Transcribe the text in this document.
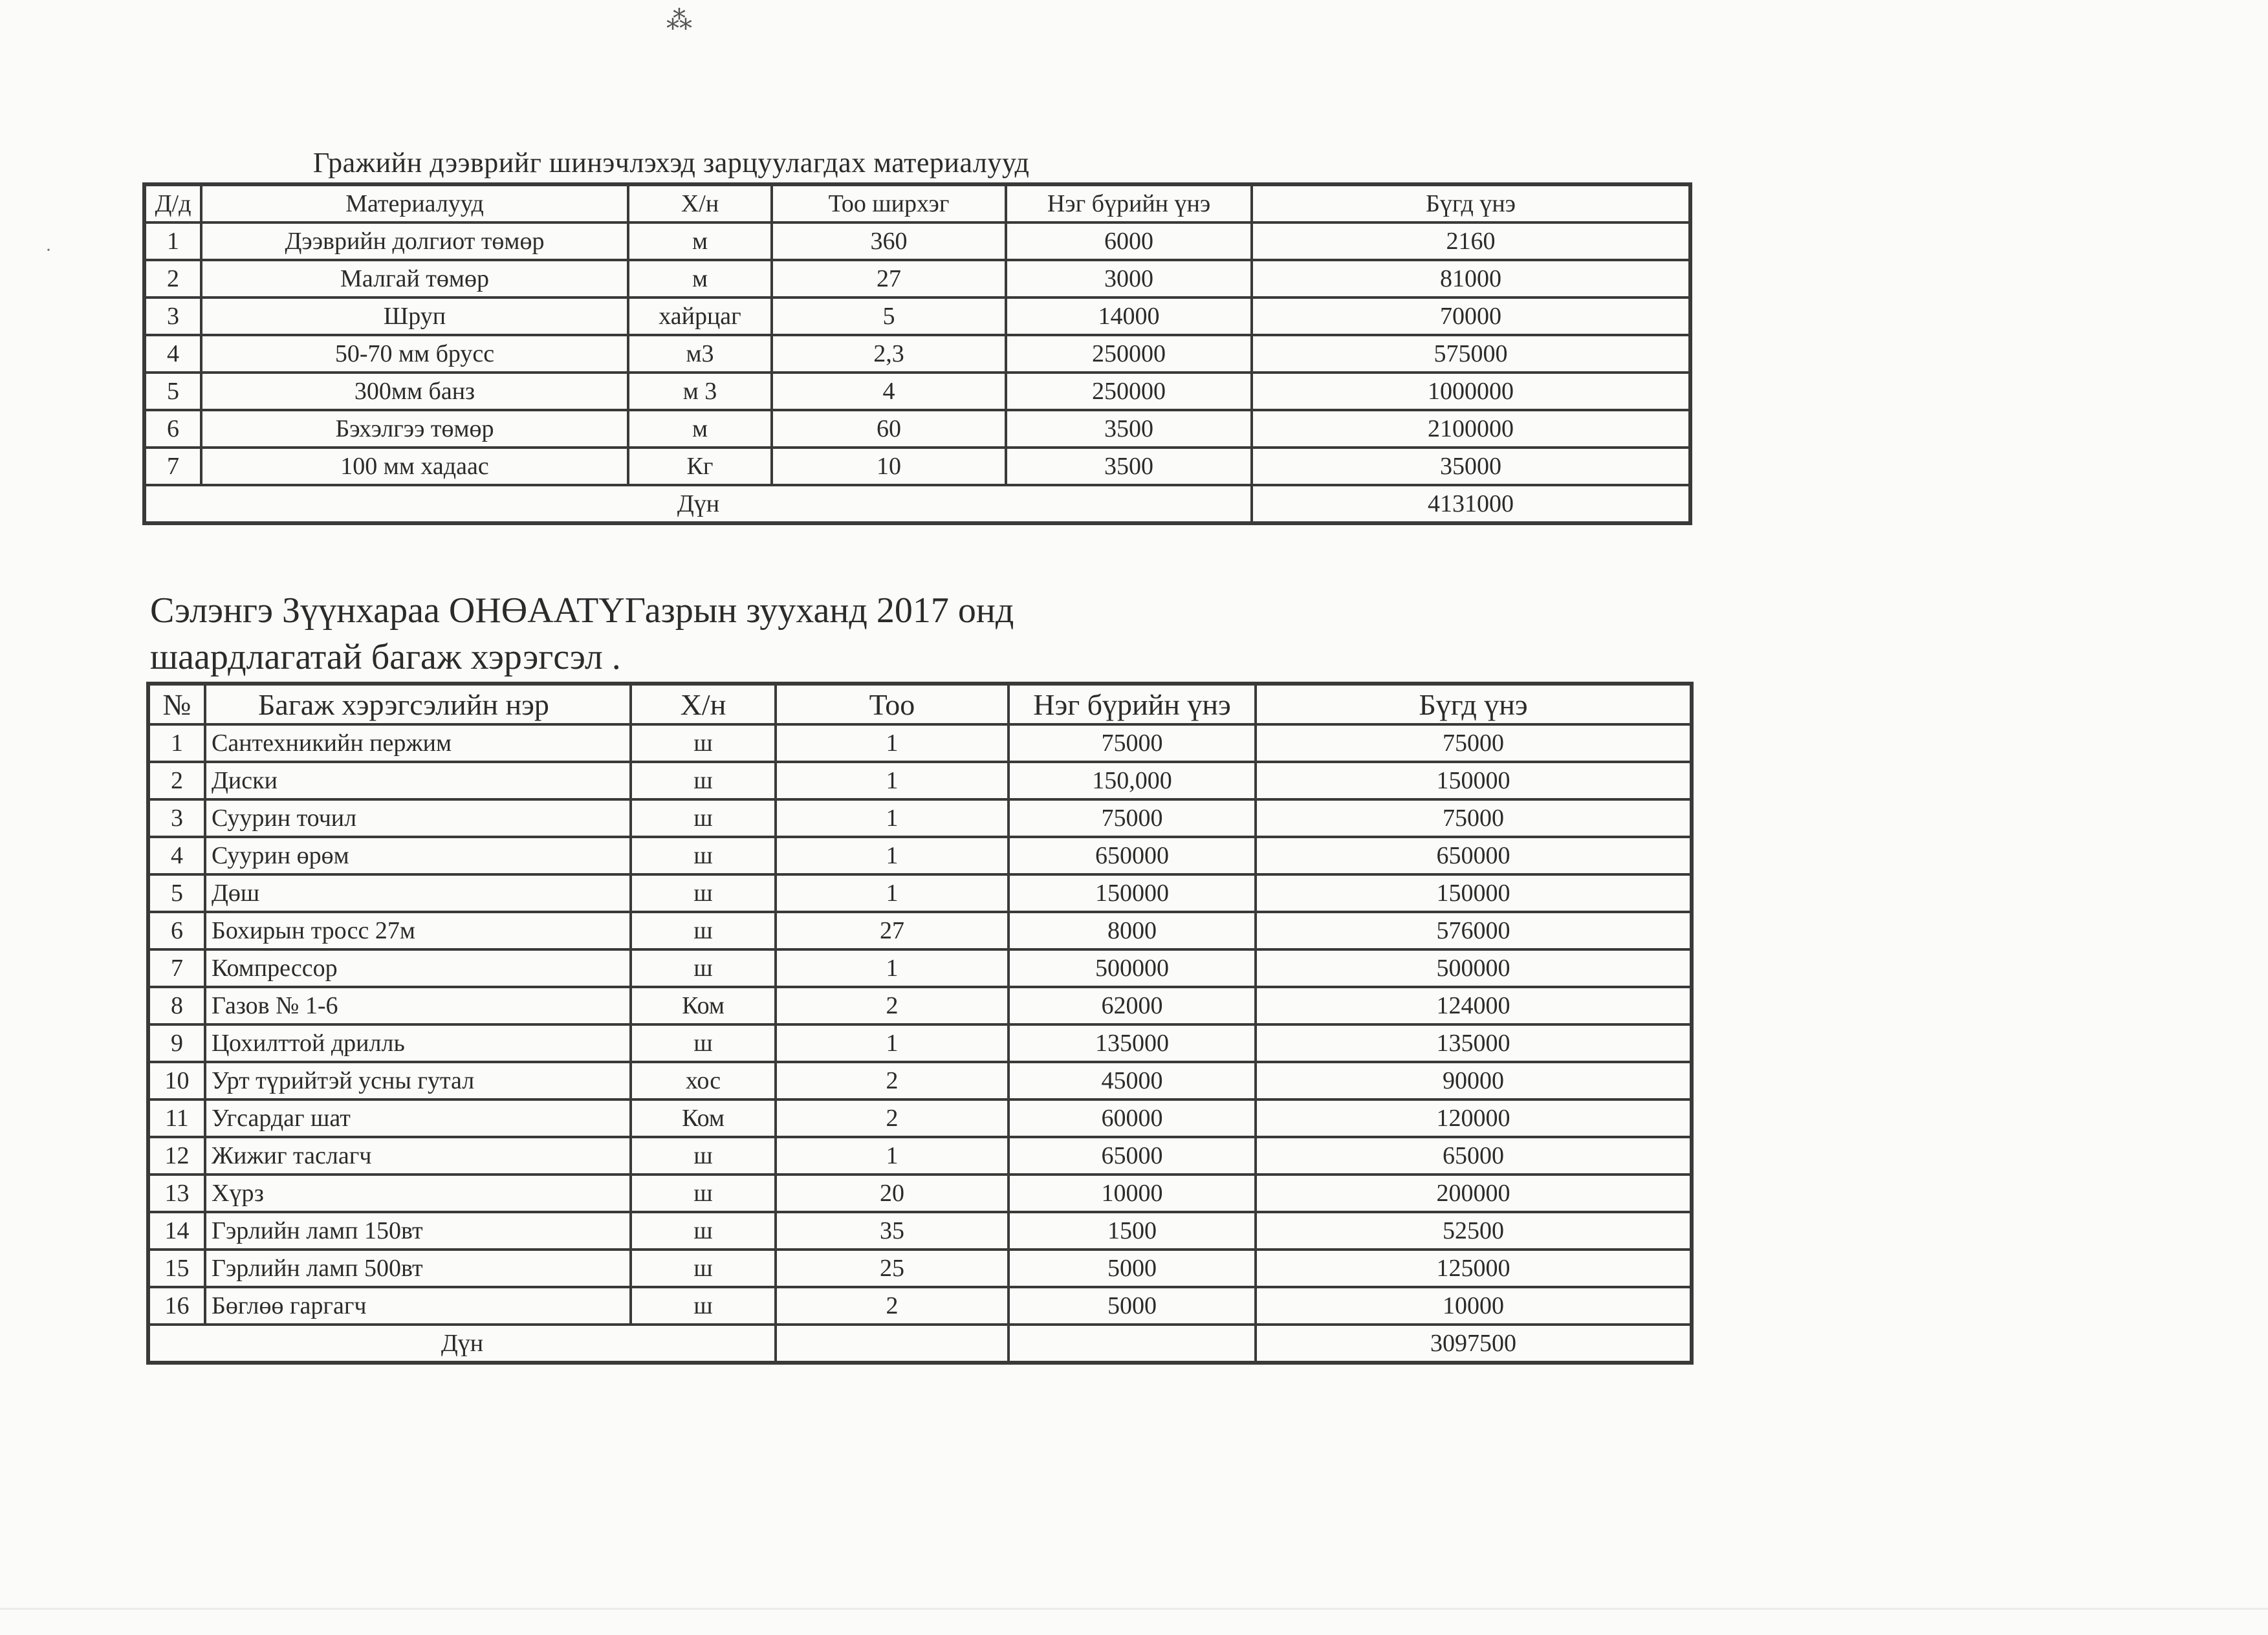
⁂
·
Гражийн дээврийг шинэчлэхэд зарцуулагдах материалууд
Д/д	Материалууд	Х/н	Тоо ширхэг	Нэг бүрийн үнэ	Бүгд үнэ
1	Дээврийн долгиот төмөр	м	360	6000	2160
2	Малгай төмөр	м	27	3000	81000
3	Шруп	хайрцаг	5	14000	70000
4	50-70 мм брусс	м3	2,3	250000	575000
5	300мм банз	м 3	4	250000	1000000
6	Бэхэлгээ төмөр	м	60	3500	2100000
7	100 мм хадаас	Кг	10	3500	35000
Дүн					4131000
Сэлэнгэ Зүүнхараа ОНӨААТҮГазрын зууханд 2017 онд
шаардлагатай багаж хэрэгсэл .
№	Багаж хэрэгсэлийн нэр	Х/н	Тоо	Нэг бүрийн үнэ	Бүгд үнэ
1	Сантехникийн пержим	ш	1	75000	75000
2	Диски	ш	1	150,000	150000
3	Суурин точил	ш	1	75000	75000
4	Суурин өрөм	ш	1	650000	650000
5	Дөш	ш	1	150000	150000
6	Бохирын тросс 27м	ш	27	8000	576000
7	Компрессор	ш	1	500000	500000
8	Газов № 1-6	Ком	2	62000	124000
9	Цохилттой дрилль	ш	1	135000	135000
10	Урт түрийтэй усны гутал	хос	2	45000	90000
11	Угсардаг шат	Ком	2	60000	120000
12	Жижиг таслагч	ш	1	65000	65000
13	Хүрз	ш	20	10000	200000
14	Гэрлийн ламп 150вт	ш	35	1500	52500
15	Гэрлийн ламп 500вт	ш	25	5000	125000
16	Бөглөө гаргагч	ш	2	5000	10000
Дүн					3097500
